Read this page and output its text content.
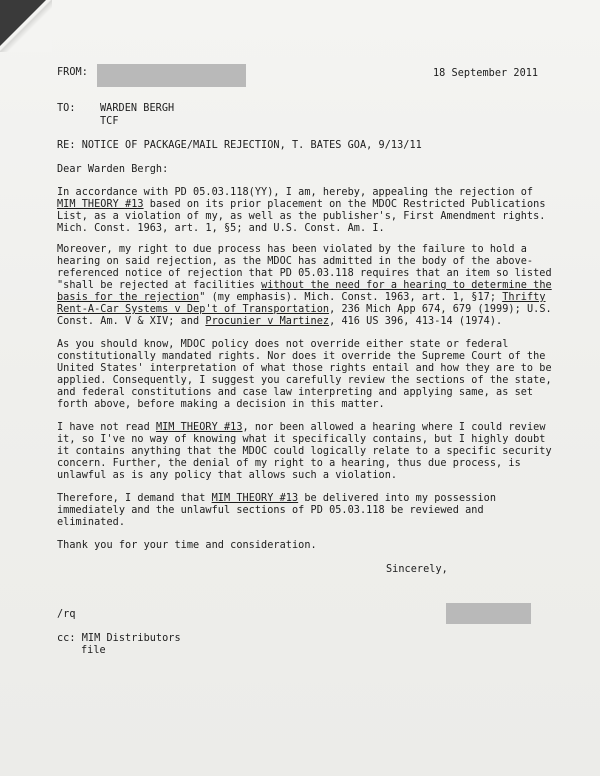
FROM:	18 September 2011
TO: WARDEN BERGH
TCF
RE: NOTICE OF PACKAGE/MAIL REJECTION, T. BATES GOA, 9/13/11
Dear Warden Bergh:
In accordance with PD 05.03.118(YY), I am, hereby, appealing the rejection of
MIM THEORY #13 based on its prior placement on the MDOC Restricted Publications
List, as a violation of my, as well as the publisher's, First Amendment rights.
Mich. Const. 1963, art. 1, §5; and U.S. Const. Am. I.
Moreover, my right to due process has been violated by the failure to hold a
hearing on said rejection, as the MDOC has admitted in the body of the above-
referenced notice of rejection that PD 05.03.118 requires that an item so listed
"shall be rejected at facilities without the need for a hearing to determine the
basis for the rejection" (my emphasis). Mich. Const. 1963, art. 1, §17; Thrifty
Rent-A-Car Systems v Dep't of Transportation, 236 Mich App 674, 679 (1999); U.S.
Const. Am. V & XIV; and Procunier v Martinez, 416 US 396, 413-14 (1974).
As you should know, MDOC policy does not override either state or federal
constitutionally mandated rights. Nor does it override the Supreme Court of the
United States' interpretation of what those rights entail and how they are to be
applied. Consequently, I suggest you carefully review the sections of the state,
and federal constitutions and case law interpreting and applying same, as set
forth above, before making a decision in this matter.
I have not read MIM THEORY #13, nor been allowed a hearing where I could review
it, so I've no way of knowing what it specifically contains, but I highly doubt
it contains anything that the MDOC could logically relate to a specific security
concern. Further, the denial of my right to a hearing, thus due process, is
unlawful as is any policy that allows such a violation.
Therefore, I demand that MIM THEORY #13 be delivered into my possession
immediately and the unlawful sections of PD 05.03.118 be reviewed and
eliminated.
Thank you for your time and consideration.
Sincerely,
/rq
cc: MIM Distributors
file
